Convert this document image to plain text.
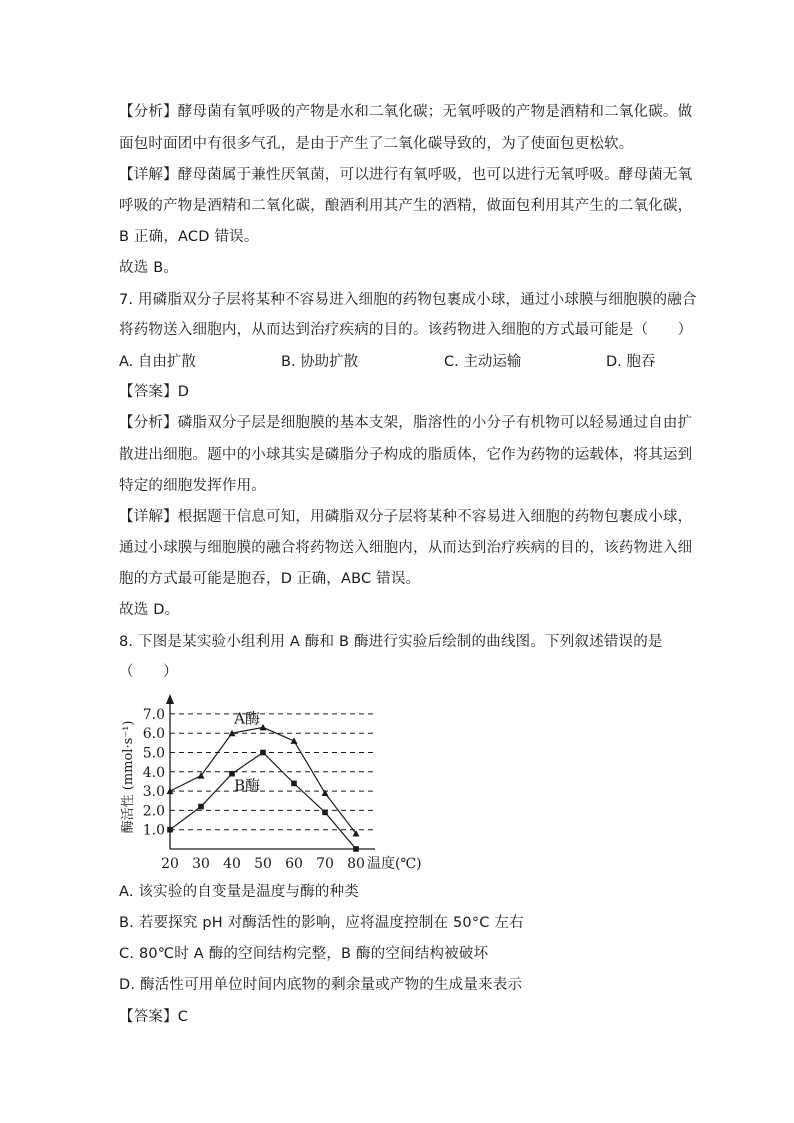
【分析】酵母菌有氧呼吸的产物是水和二氧化碳；无氧呼吸的产物是酒精和二氧化碳。做
面包时面团中有很多气孔，是由于产生了二氧化碳导致的，为了使面包更松软。
【详解】酵母菌属于兼性厌氧菌，可以进行有氧呼吸，也可以进行无氧呼吸。酵母菌无氧
呼吸的产物是酒精和二氧化碳，酿酒利用其产生的酒精，做面包利用其产生的二氧化碳，
B 正确，ACD 错误。
故选 B。
7. 用磷脂双分子层将某种不容易进入细胞的药物包裹成小球，通过小球膜与细胞膜的融合
将药物送入细胞内，从而达到治疗疾病的目的。该药物进入细胞的方式最可能是（　　）
A. 自由扩散	B. 协助扩散	C. 主动运输	D. 胞吞
【答案】D
【分析】磷脂双分子层是细胞膜的基本支架，脂溶性的小分子有机物可以轻易通过自由扩
散进出细胞。题中的小球其实是磷脂分子构成的脂质体，它作为药物的运载体，将其运到
特定的细胞发挥作用。
【详解】根据题干信息可知，用磷脂双分子层将某种不容易进入细胞的药物包裹成小球，
通过小球膜与细胞膜的融合将药物送入细胞内，从而达到治疗疾病的目的，该药物进入细
胞的方式最可能是胞吞，D 正确，ABC 错误。
故选 D。
8. 下图是某实验小组利用 A 酶和 B 酶进行实验后绘制的曲线图。下列叙述错误的是
（　　）
1.0
2.0
3.0
4.0
5.0
6.0
7.0
20 30 40 50 60 70 80 温度(℃)
酶活性 (mmol·s⁻¹)
A酶
B酶
A. 该实验的自变量是温度与酶的种类
B. 若要探究 pH 对酶活性的影响，应将温度控制在 50°C 左右
C. 80℃时 A 酶的空间结构完整，B 酶的空间结构被破坏
D. 酶活性可用单位时间内底物的剩余量或产物的生成量来表示
【答案】C
